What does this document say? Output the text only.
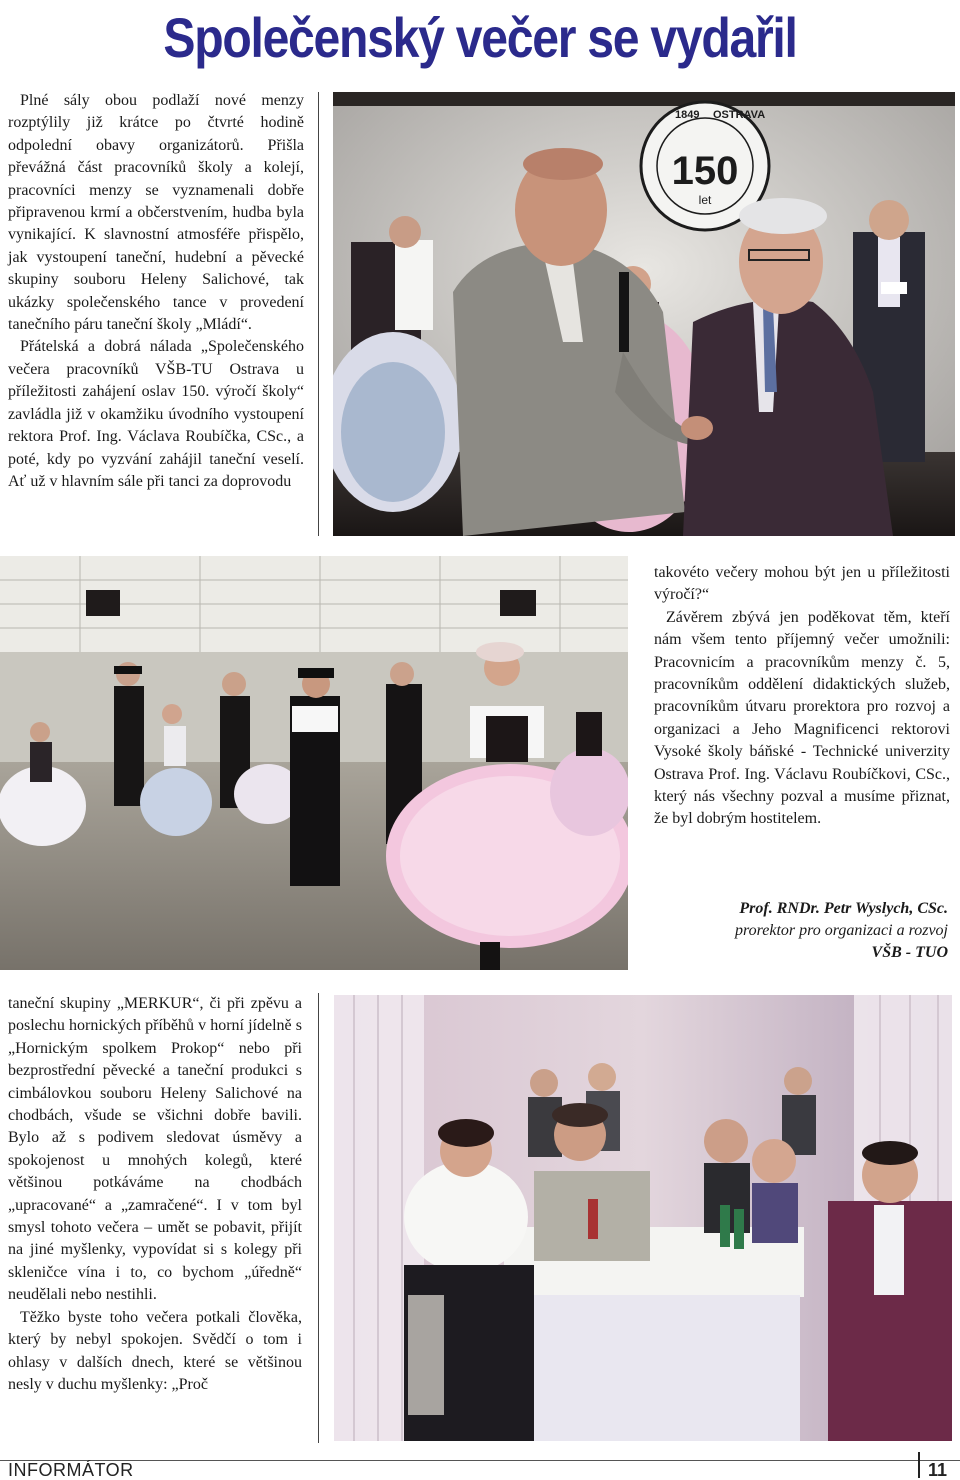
Společenský večer se vydařil

Plné sály obou podlaží nové menzy rozptýlily již krátce po čtvrté hodině odpolední obavy organizátorů. Přišla převážná část pracovníků školy a kolejí, pracovníci menzy se vyznamenali dobře připravenou krmí a občerstvením, hudba byla vynikající. K slavnostní atmosféře přispělo, jak vystoupení taneční, hudební a pěvecké skupiny souboru Heleny Salichové, tak ukázky společenského tance v provedení tanečního páru taneční školy „Mládí“.

Přátelská a dobrá nálada „Společenského večera pracovníků VŠB-TU Ostrava u příležitosti zahájení oslav 150. výročí školy“ zavládla již v okamžiku úvodního vystoupení rektora Prof. Ing. Václava Roubíčka, CSc., a poté, kdy po vyzvání zahájil taneční veselí. Ať už v hlavním sále při tanci za doprovodu

1849 OSTRAVA
150
let

takovéto večery mohou být jen u příležitosti výročí?“

Závěrem zbývá jen poděkovat těm, kteří nám všem tento příjemný večer umožnili: Pracovnicím a pracovníkům menzy č. 5, pracovníkům oddělení didaktických služeb, pracovníkům útvaru prorektora pro rozvoj a organizaci a Jeho Magnificenci rektorovi Vysoké školy báňské - Technické univerzity Ostrava Prof. Ing. Václavu Roubíčkovi, CSc., který nás všechny pozval a musíme přiznat, že byl dobrým hostitelem.

Prof. RNDr. Petr Wyslych, CSc.
prorektor pro organizaci a rozvoj
VŠB - TUO

taneční skupiny „MERKUR“, či při zpěvu a poslechu hornických příběhů v horní jídelně s „Hornickým spolkem Prokop“ nebo při bezprostřední pěvecké a taneční produkci s cimbálovkou souboru Heleny Salichové na chodbách, všude se všichni dobře bavili. Bylo až s podivem sledovat úsměvy a spokojenost u mnohých kolegů, které většinou potkáváme na chodbách „upracované“ a „zamračené“. I v tom byl smysl tohoto večera – umět se pobavit, přijít na jiné myšlenky, vypovídat si s kolegy při skleničce vína i to, co bychom „úředně“ neudělali nebo nestihli.

Těžko byste toho večera potkali člověka, který by nebyl spokojen. Svědčí o tom i ohlasy v dalších dnech, které se většinou nesly v duchu myšlenky: „Proč

INFORMÁTOR	11
